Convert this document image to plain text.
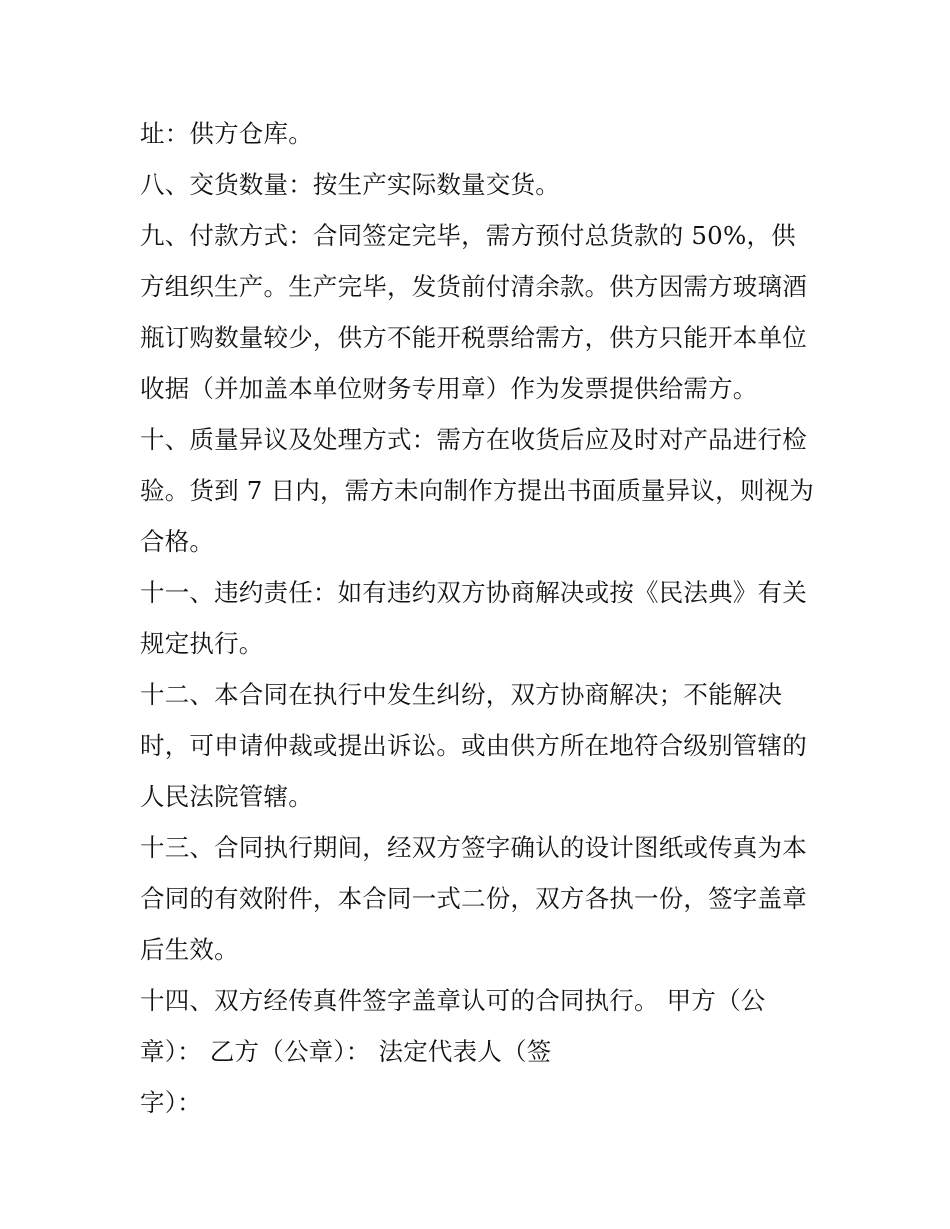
址：供方仓库。
八、交货数量：按生产实际数量交货。
九、付款方式：合同签定完毕，需方预付总货款的 50%，供
方组织生产。生产完毕，发货前付清余款。供方因需方玻璃酒
瓶订购数量较少，供方不能开税票给需方，供方只能开本单位
收据（并加盖本单位财务专用章）作为发票提供给需方。
十、质量异议及处理方式：需方在收货后应及时对产品进行检
验。货到 7 日内，需方未向制作方提出书面质量异议，则视为
合格。
十一、违约责任：如有违约双方协商解决或按《民法典》有关
规定执行。
十二、本合同在执行中发生纠纷，双方协商解决；不能解决
时，可申请仲裁或提出诉讼。或由供方所在地符合级别管辖的
人民法院管辖。
十三、合同执行期间，经双方签字确认的设计图纸或传真为本
合同的有效附件，本合同一式二份，双方各执一份，签字盖章
后生效。
十四、双方经传真件签字盖章认可的合同执行。 甲方（公
章）： 乙方（公章）： 法定代表人（签
字）：
